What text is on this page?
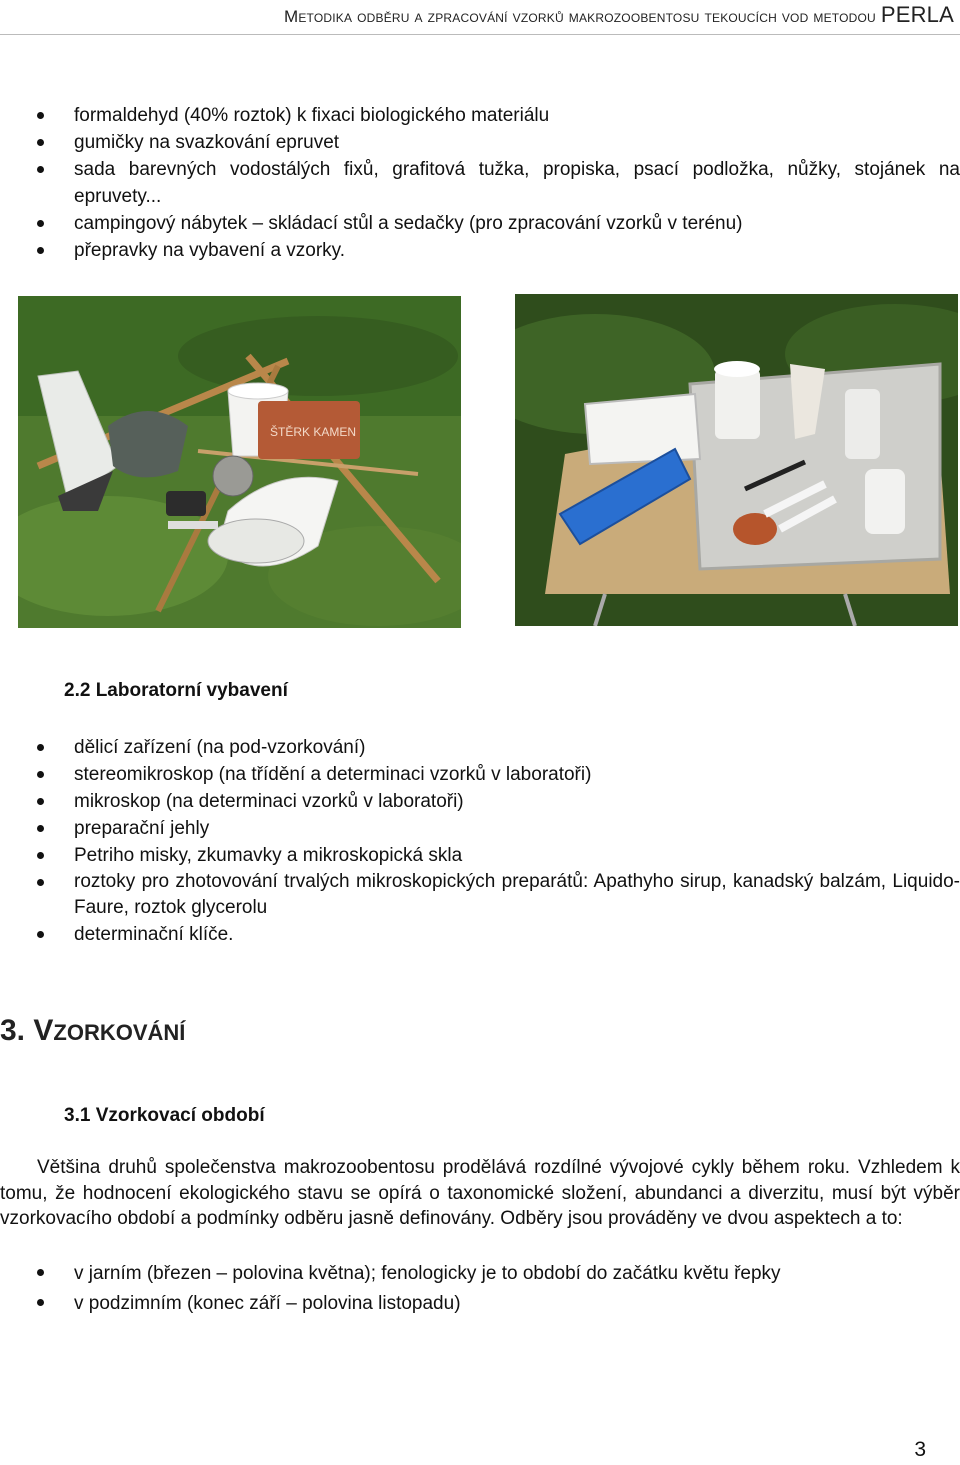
Metodika odběru a zpracování vzorků makrozoobentosu tekoucích vod metodou PERLA
formaldehyd (40% roztok) k fixaci biologického materiálu
gumičky na svazkování epruvet
sada barevných vodostálých fixů, grafitová tužka, propiska, psací podložka, nůžky, stojánek na epruvety...
campingový nábytek – skládací stůl a sedačky (pro zpracování vzorků v terénu)
přepravky na vybavení a vzorky.
ŠTĚRK KAMEN
2.2 Laboratorní vybavení
dělicí zařízení (na pod-vzorkování)
stereomikroskop (na třídění a determinaci vzorků v laboratoři)
mikroskop (na determinaci vzorků v laboratoři)
preparační jehly
Petriho misky, zkumavky a mikroskopická skla
roztoky pro zhotovování trvalých mikroskopických preparátů: Apathyho sirup, kanadský balzám, Liquido-Faure, roztok glycerolu
determinační klíče.
3. VZORKOVÁNÍ
3.1 Vzorkovací období
Většina druhů společenstva makrozoobentosu prodělává rozdílné vývojové cykly během roku. Vzhledem k tomu, že hodnocení ekologického stavu se opírá o taxonomické složení, abundanci a diverzitu, musí být výběr vzorkovacího období a podmínky odběru jasně definovány. Odběry jsou prováděny ve dvou aspektech a to:
v jarním (březen – polovina května); fenologicky je to období do začátku květu řepky
v podzimním (konec září – polovina listopadu)
3
